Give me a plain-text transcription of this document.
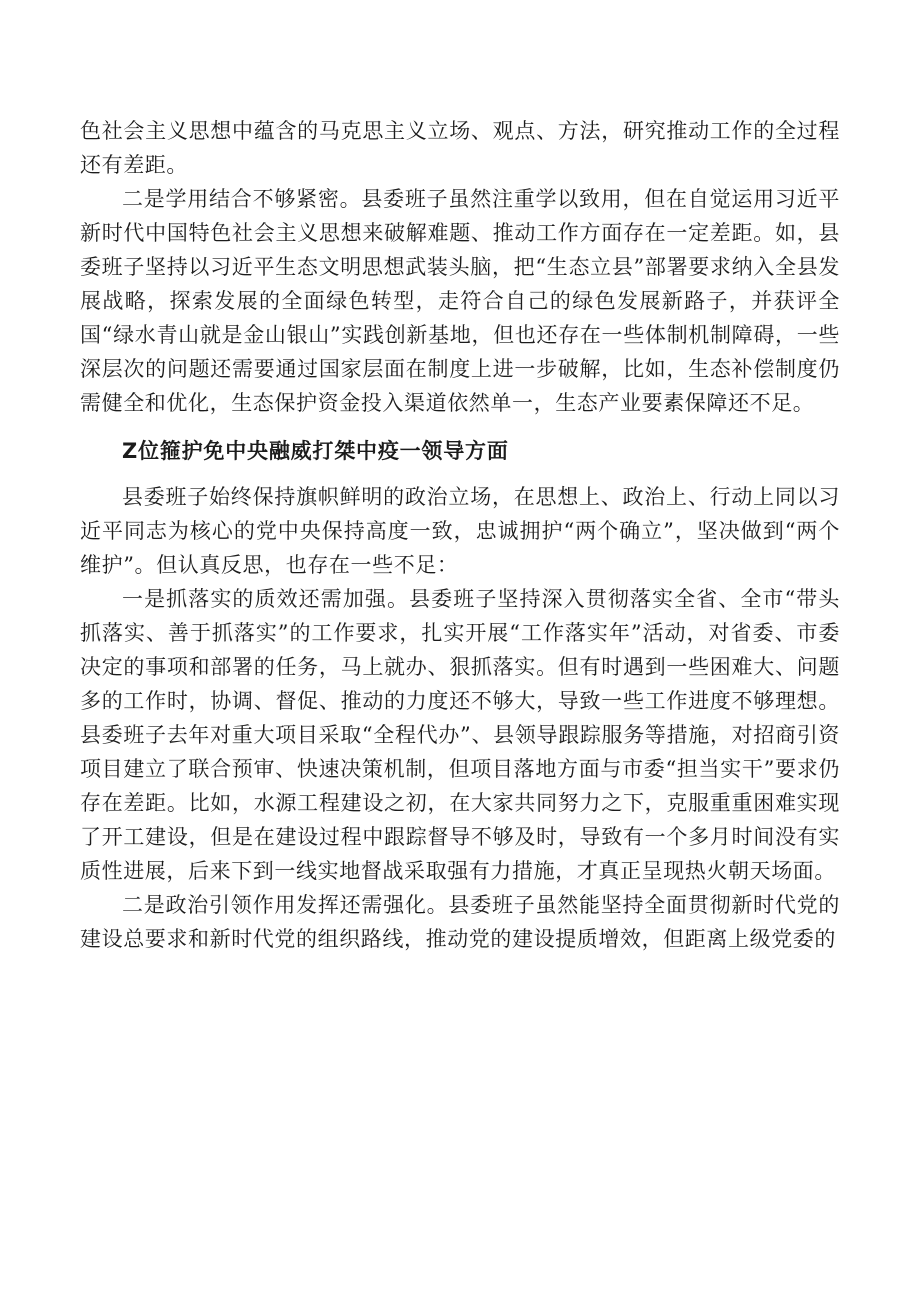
色社会主义思想中蕴含的马克思主义立场、观点、方法，研究推动工作的全过程还有差距。

二是学用结合不够紧密。县委班子虽然注重学以致用，但在自觉运用习近平新时代中国特色社会主义思想来破解难题、推动工作方面存在一定差距。如，县委班子坚持以习近平生态文明思想武装头脑，把“生态立县”部署要求纳入全县发展战略，探索发展的全面绿色转型，走符合自己的绿色发展新路子，并获评全国“绿水青山就是金山银山”实践创新基地，但也还存在一些体制机制障碍，一些深层次的问题还需要通过国家层面在制度上进一步破解，比如，生态补偿制度仍需健全和优化，生态保护资金投入渠道依然单一，生态产业要素保障还不足。

Z位箍护免中央融威打桀中疫一领导方面

县委班子始终保持旗帜鲜明的政治立场，在思想上、政治上、行动上同以习近平同志为核心的党中央保持高度一致，忠诚拥护“两个确立”，坚决做到“两个维护”。但认真反思，也存在一些不足：

一是抓落实的质效还需加强。县委班子坚持深入贯彻落实全省、全市“带头抓落实、善于抓落实”的工作要求，扎实开展“工作落实年”活动，对省委、市委决定的事项和部署的任务，马上就办、狠抓落实。但有时遇到一些困难大、问题多的工作时，协调、督促、推动的力度还不够大，导致一些工作进度不够理想。县委班子去年对重大项目采取“全程代办”、县领导跟踪服务等措施，对招商引资项目建立了联合预审、快速决策机制，但项目落地方面与市委“担当实干”要求仍存在差距。比如，水源工程建设之初，在大家共同努力之下，克服重重困难实现了开工建设，但是在建设过程中跟踪督导不够及时，导致有一个多月时间没有实质性进展，后来下到一线实地督战采取强有力措施，才真正呈现热火朝天场面。

二是政治引领作用发挥还需强化。县委班子虽然能坚持全面贯彻新时代党的建设总要求和新时代党的组织路线，推动党的建设提质增效，但距离上级党委的
